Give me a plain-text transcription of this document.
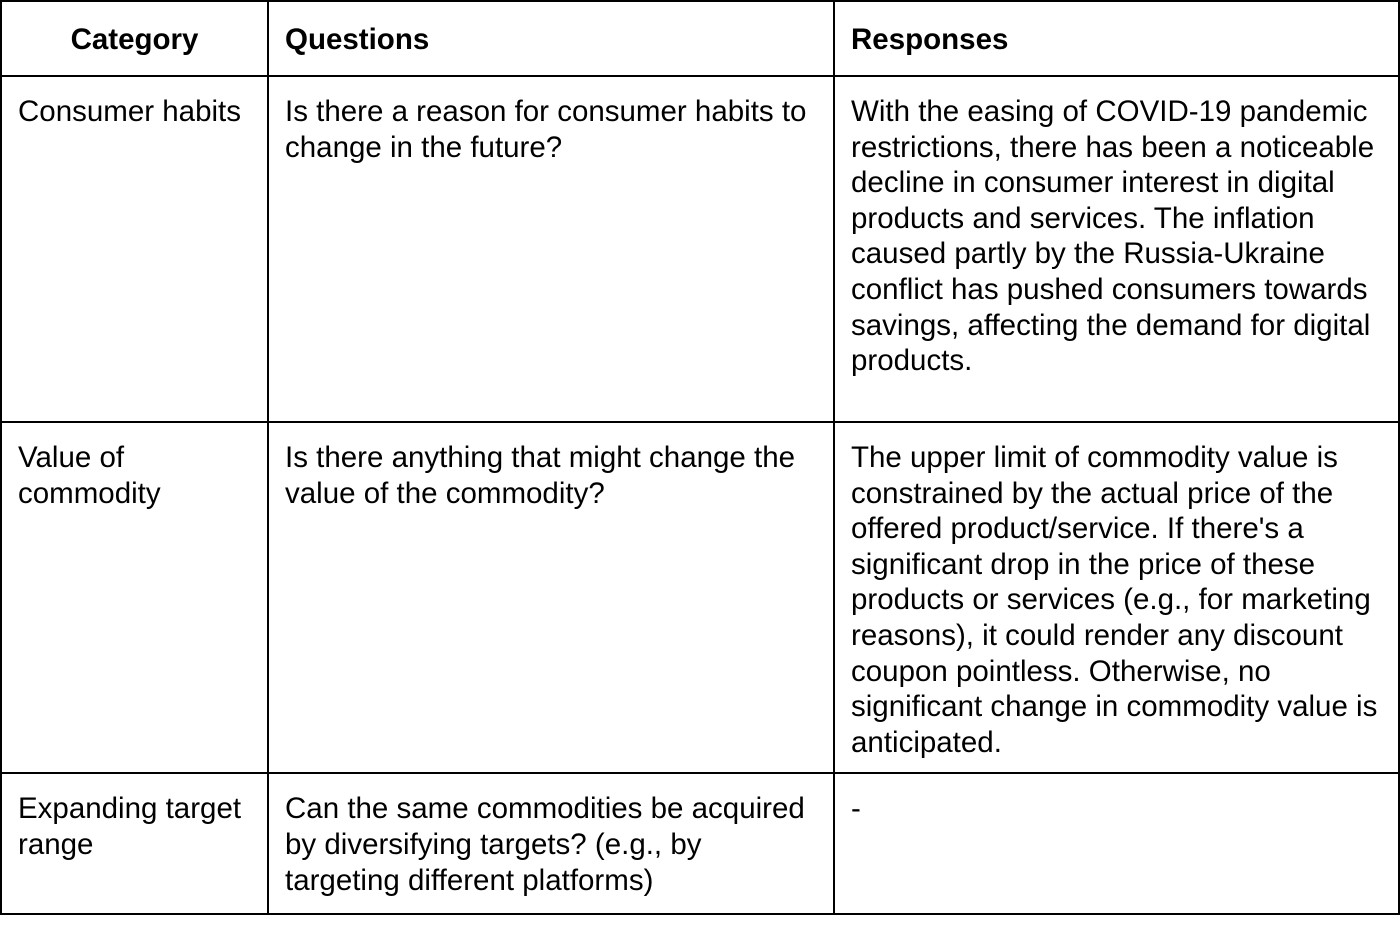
Category	Questions	Responses
Consumer habits	Is there a reason for consumer habits to change in the future?	With the easing of COVID-19 pandemic restrictions, there has been a noticeable decline in consumer interest in digital products and services. The inflation caused partly by the Russia-Ukraine conflict has pushed consumers towards savings, affecting the demand for digital products.
Value of commodity	Is there anything that might change the value of the commodity?	The upper limit of commodity value is constrained by the actual price of the offered product/service. If there's a significant drop in the price of these products or services (e.g., for marketing reasons), it could render any discount coupon pointless. Otherwise, no significant change in commodity value is anticipated.
Expanding target range	Can the same commodities be acquired by diversifying targets? (e.g., by targeting different platforms)	-
